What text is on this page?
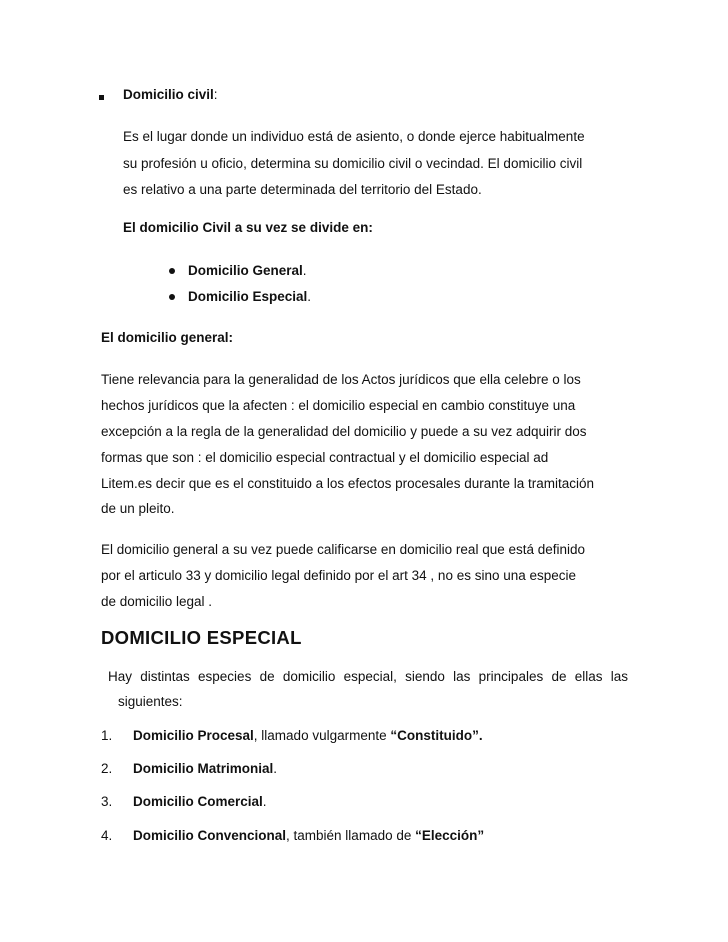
Domicilio civil:
Es el lugar donde un individuo está de asiento, o donde ejerce habitualmente
su profesión u oficio, determina su domicilio civil o vecindad. El domicilio civil
es relativo a una parte determinada del territorio del Estado.
El domicilio Civil a su vez se divide en:
Domicilio General.
Domicilio Especial.
El domicilio general:
Tiene relevancia para la generalidad de los Actos jurídicos que ella celebre o los
hechos jurídicos que la afecten : el domicilio especial en cambio constituye una
excepción a la regla de la generalidad del domicilio y puede a su vez adquirir dos
formas que son : el domicilio especial contractual y el domicilio especial ad
Litem.es decir que es el constituido a los efectos procesales durante la tramitación
de un pleito.
El domicilio general a su vez puede calificarse en domicilio real que está definido
por el articulo 33 y domicilio legal definido por el art 34 , no es sino una especie
de domicilio legal .
DOMICILIO ESPECIAL
Hay distintas especies de domicilio especial, siendo las principales de ellas las
siguientes:
1. Domicilio Procesal, llamado vulgarmente “Constituido”.
2. Domicilio Matrimonial.
3. Domicilio Comercial.
4. Domicilio Convencional, también llamado de “Elección”
